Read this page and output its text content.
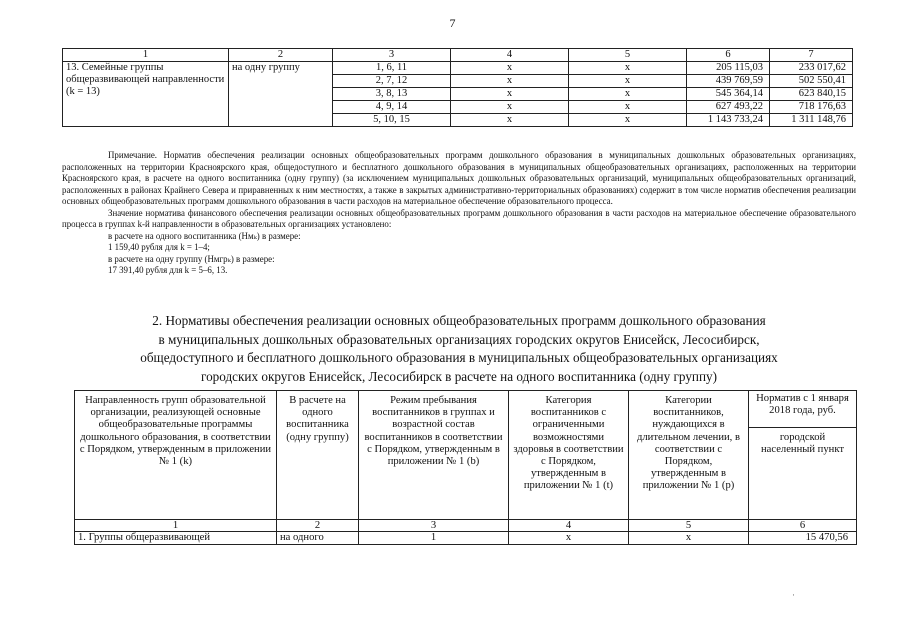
7
1	2	3	4	5	6	7
13. Семейные группы общеразвивающей направленности (k = 13)	на одну группу	1, 6, 11	х	х	205 115,03	233 017,62
		2, 7, 12	х	х	439 769,59	502 550,41
		3, 8, 13	х	х	545 364,14	623 840,15
		4, 9, 14	х	х	627 493,22	718 176,63
		5, 10, 15	х	х	1 143 733,24	1 311 148,76

Примечание. Норматив обеспечения реализации основных общеобразовательных программ дошкольного образования в муниципальных дошкольных образовательных организациях, расположенных на территории Красноярского края, общедоступного и бесплатного дошкольного образования в муниципальных общеобразовательных организациях, расположенных на территории Красноярского края, в расчете на одного воспитанника (одну группу) (за исключением муниципальных дошкольных образовательных организаций, муниципальных общеобразовательных организаций, расположенных в районах Крайнего Севера и приравненных к ним местностях, а также в закрытых административно-территориальных образованиях) содержит в том числе норматив обеспечения реализации основных общеобразовательных программ дошкольного образования в части расходов на материальное обеспечение образовательного процесса.

Значение норматива финансового обеспечения реализации основных общеобразовательных программ дошкольного образования в части расходов на материальное обеспечение образовательного процесса в группах k-й направленности в образовательных организациях установлено:

в расчете на одного воспитанника (Нмₖ) в размере:
1 159,40 рубля для k = 1–4;
в расчете на одну группу (Нмгрₖ) в размере:
17 391,40 рубля для k = 5–6, 13.
2. Нормативы обеспечения реализации основных общеобразовательных программ дошкольного образования
в муниципальных дошкольных образовательных организациях городских округов Енисейск, Лесосибирск,
общедоступного и бесплатного дошкольного образования в муниципальных общеобразовательных организациях
городских округов Енисейск, Лесосибирск в расчете на одного воспитанника (одну группу)
Направленность групп образовательной организации, реализующей основные общеобразовательные программы дошкольного образования, в соответствии с Порядком, утвержденным в приложении № 1 (k)	В расчете на одного воспитанника (одну группу)	Режим пребывания воспитанников в группах и возрастной состав воспитанников в соответствии с Порядком, утвержденным в приложении № 1 (b)	Категория воспитанников с ограниченными возможностями здоровья в соответствии с Порядком, утвержденным в приложении № 1 (t)	Категории воспитанников, нуждающихся в длительном лечении, в соответствии с Порядком, утвержденным в приложении № 1 (p)	Норматив с 1 января 2018 года, руб.
					городской населенный пункт
1	2	3	4	5	6
1. Группы общеразвивающей	на одного	1	х	х	15 470,56
·
